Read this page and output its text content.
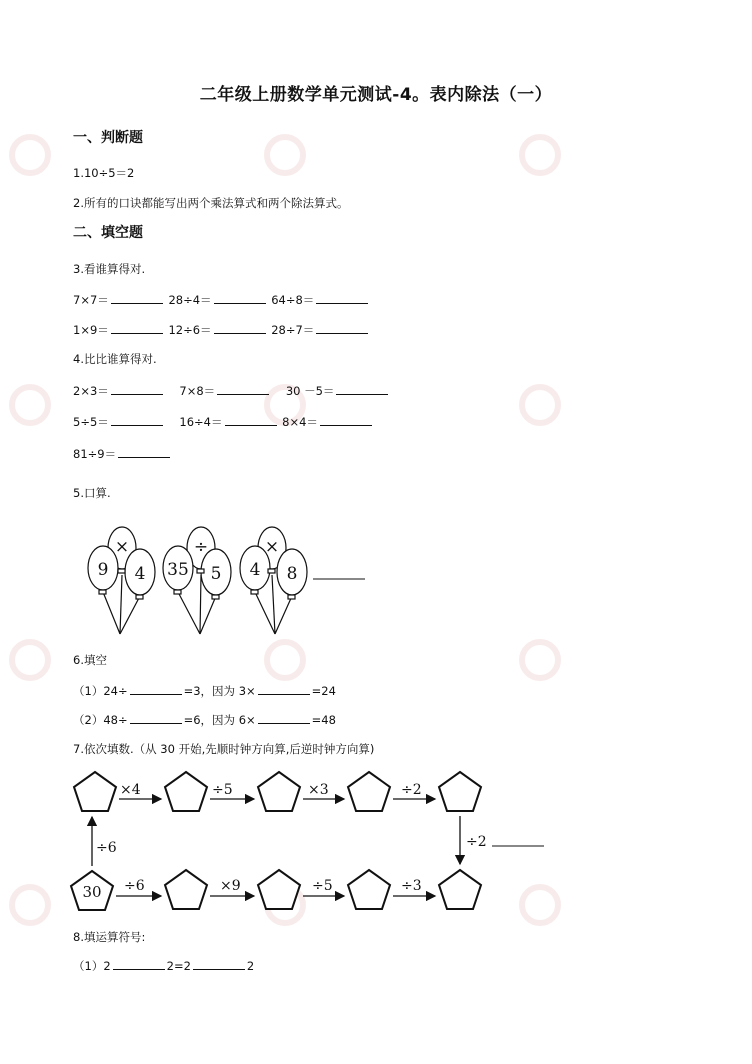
二年级上册数学单元测试-4。表内除法（一）
一、判断题
1.10÷5＝2
2.所有的口诀都能写出两个乘法算式和两个除法算式。
二、填空题
3.看谁算得对.
7×7＝	28÷4＝	64÷8＝
1×9＝	12÷6＝	28÷7＝
4.比比谁算得对.
2×3＝	7×8＝	30 －5＝
5÷5＝	16÷4＝	8×4＝
81÷9＝
5.口算.
×
9 4
÷
35 5
×
4 8
6.填空
（1）24÷	=3，因为 3×	=24
（2）48÷	=6，因为 6×	=48
7.依次填数.（从 30 开始,先顺时钟方向算,后逆时钟方向算)
×4	÷5	×3	÷2
÷2
÷6
÷6	×9	÷5	÷3
30
8.填运算符号:
（1）2	2=2	2
